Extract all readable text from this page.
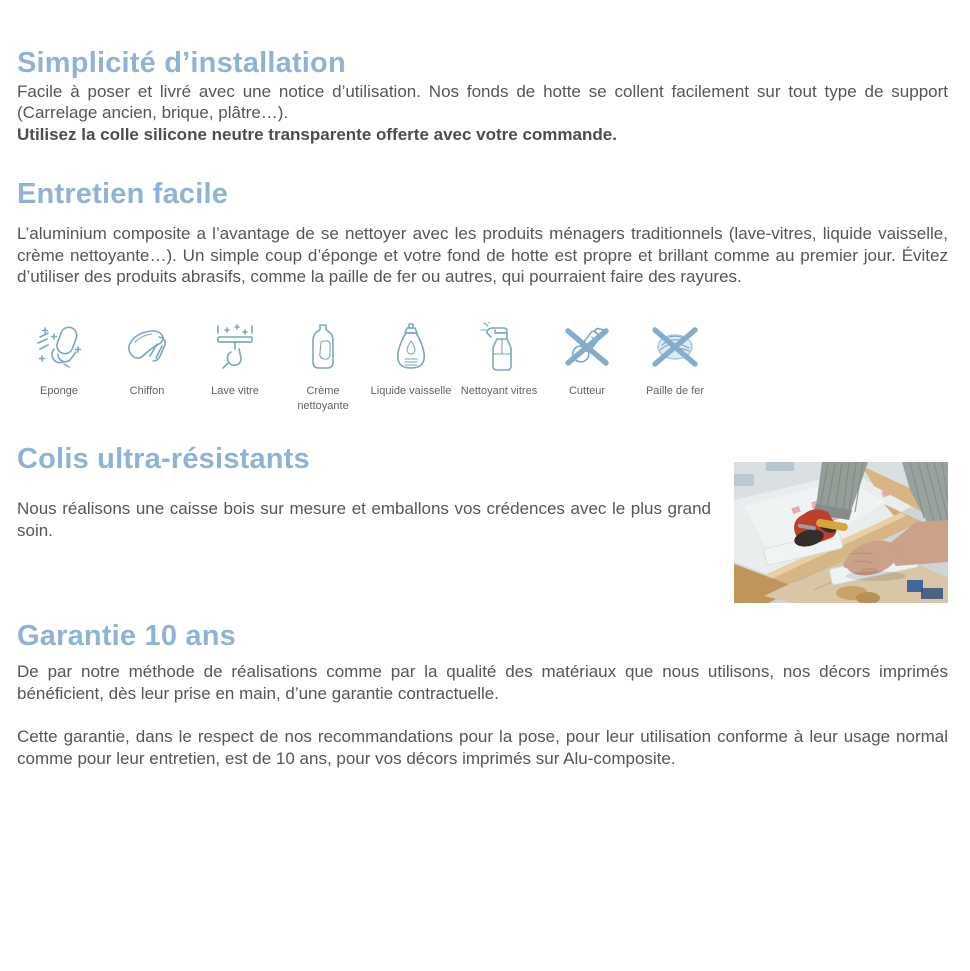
Simplicité d’installation

Facile à poser et livré avec une notice d’utilisation. Nos fonds de hotte se collent facilement sur tout type de support (Carrelage ancien, brique, plâtre…).

Utilisez la colle silicone neutre transparente offerte avec votre commande.

Entretien facile

L’aluminium composite a l’avantage de se nettoyer avec les produits ménagers traditionnels (lave-vitres, liquide vaisselle, crème nettoyante…). Un simple coup d’éponge et votre fond de hotte est propre et brillant comme au premier jour. Évitez d’utiliser des produits abrasifs, comme la paille de fer ou autres, qui pourraient faire des rayures.

Eponge	Chiffon	Lave vitre	Crème nettoyante
Liquide vaisselle Nettoyant vitres	Cutteur	Paille de fer
Colis ultra-résistants

Nous réalisons une caisse bois sur mesure et emballons vos crédences avec le plus grand soin.

Garantie 10 ans

De par notre méthode de réalisations comme par la qualité des matériaux que nous utilisons, nos décors imprimés bénéficient, dès leur prise en main, d’une garantie contractuelle.

Cette garantie, dans le respect de nos recommandations pour la pose, pour leur utilisation conforme à leur usage normal comme pour leur entretien, est de 10 ans, pour vos décors imprimés sur Alu-composite.
